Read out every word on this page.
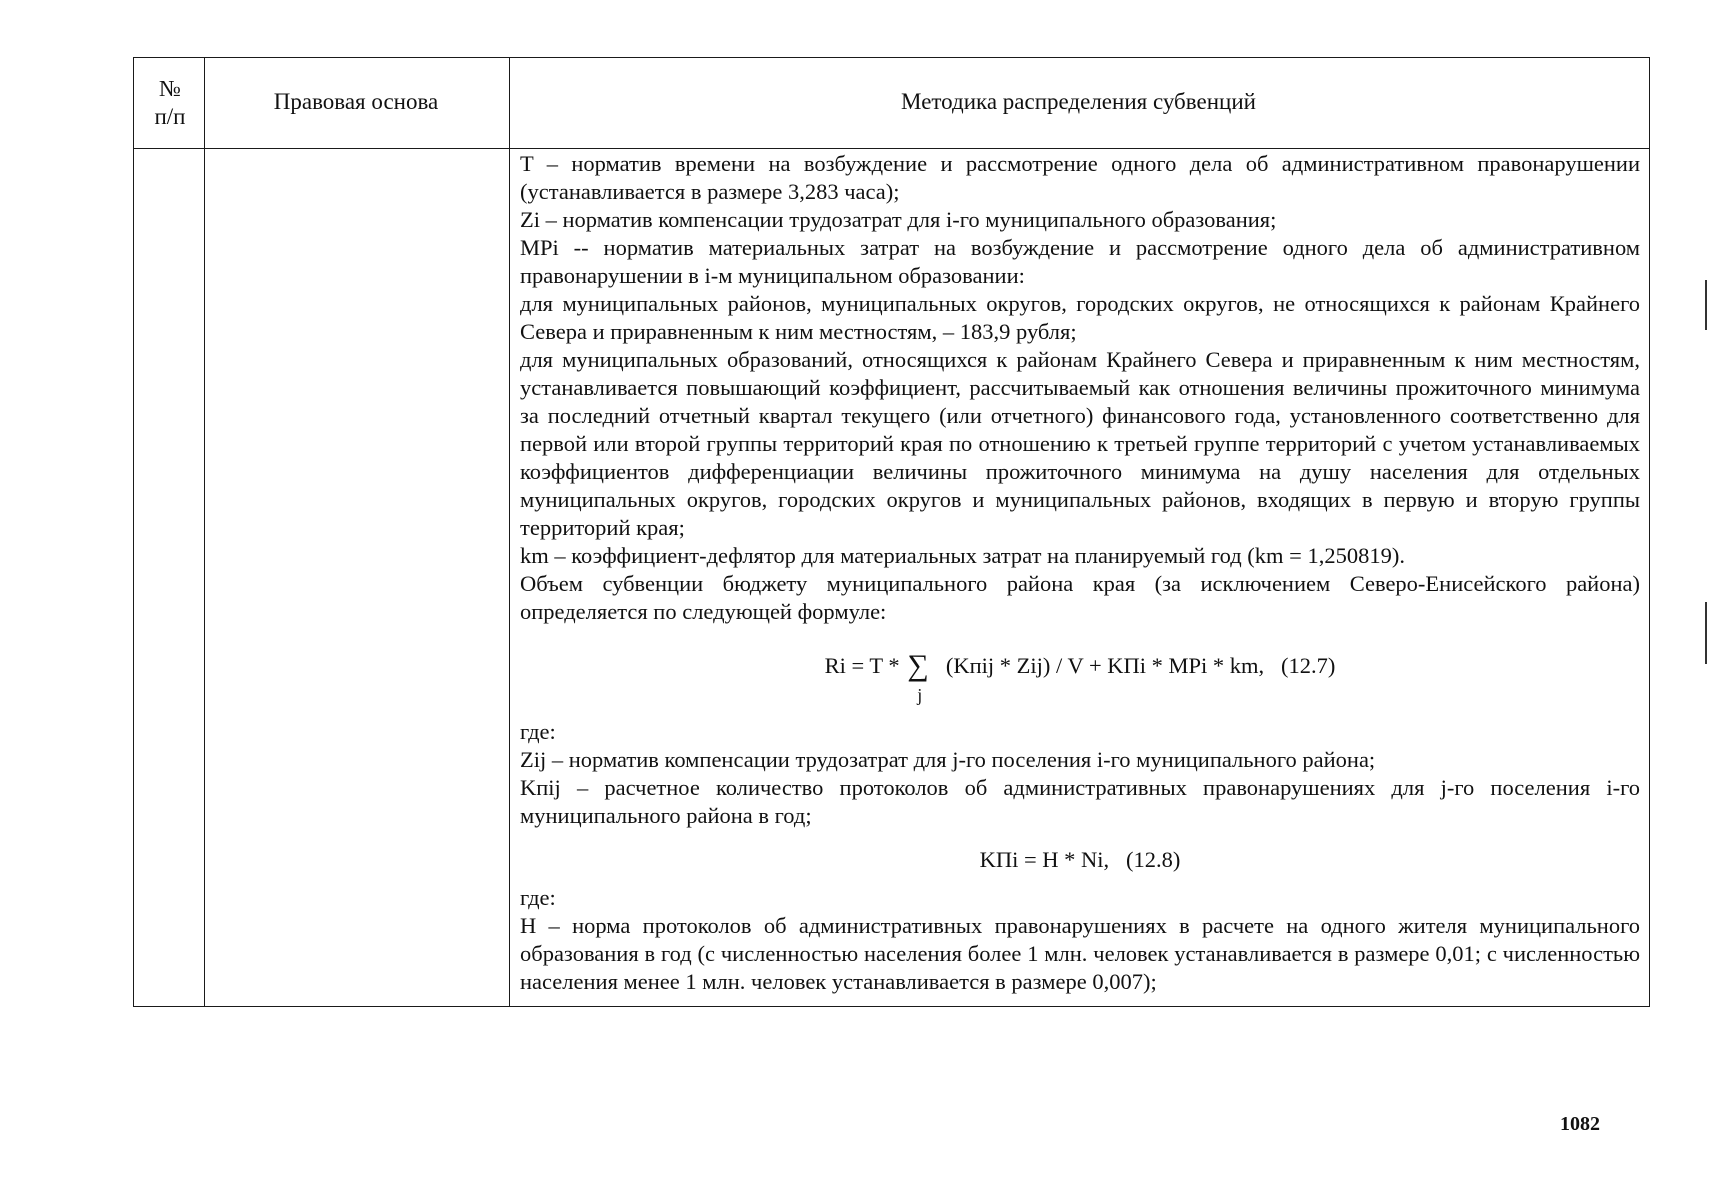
№
п/п
Правовая основа	Методика распределения субвенций

T – норматив времени на возбуждение и рассмотрение одного дела об административном правонарушении (устанавливается в размере 3,283 часа);

Zi – норматив компенсации трудозатрат для i-го муниципального образования;

MPi -- норматив материальных затрат на возбуждение и рассмотрение одного дела об административном правонарушении в i-м муниципальном образовании:

для муниципальных районов, муниципальных округов, городских округов, не относящихся к районам Крайнего Севера и приравненным к ним местностям, – 183,9 рубля;

для муниципальных образований, относящихся к районам Крайнего Севера и приравненным к ним местностям, устанавливается повышающий коэффициент, рассчитываемый как отношения величины прожиточного минимума за последний отчетный квартал текущего (или отчетного) финансового года, установленного соответственно для первой или второй группы территорий края по отношению к третьей группе территорий с учетом устанавливаемых коэффициентов дифференциации величины прожиточного минимума на душу населения для отдельных муниципальных округов, городских округов и муниципальных районов, входящих в первую и вторую группы территорий края;

km – коэффициент-дефлятор для материальных затрат на планируемый год (km = 1,250819).

Объем субвенции бюджету муниципального района края (за исключением Северо-Енисейского района) определяется по следующей формуле:

Ri = T * ∑
j
(Kпij * Zij) / V + KПi * MPi * km,   (12.7)

где:

Zij – норматив компенсации трудозатрат для j-го поселения i-го муниципального района;

Kпij – расчетное количество протоколов об административных правонарушениях для j-го поселения i-го муниципального района в год;

KПi = H * Ni,   (12.8)

где:

H – норма протоколов об административных правонарушениях в расчете на одного жителя муниципального образования в год (с численностью населения более 1 млн. человек устанавливается в размере 0,01; с численностью населения менее 1 млн. человек устанавливается в размере 0,007);

1082
